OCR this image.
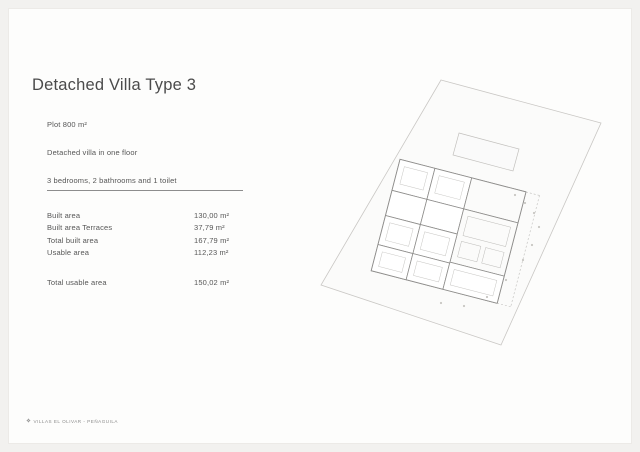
Detached Villa Type 3
Plot 800 m²
Detached villa in one floor
3 bedrooms, 2 bathrooms and 1 toilet
Built area	130,00 m²
Built area Terraces	37,79 m²
Total built area	167,79 m²
Usable area	112,23 m²
Total usable area	150,02 m²
❖ VILLAS EL OLIVAR - PEÑAGUILA
